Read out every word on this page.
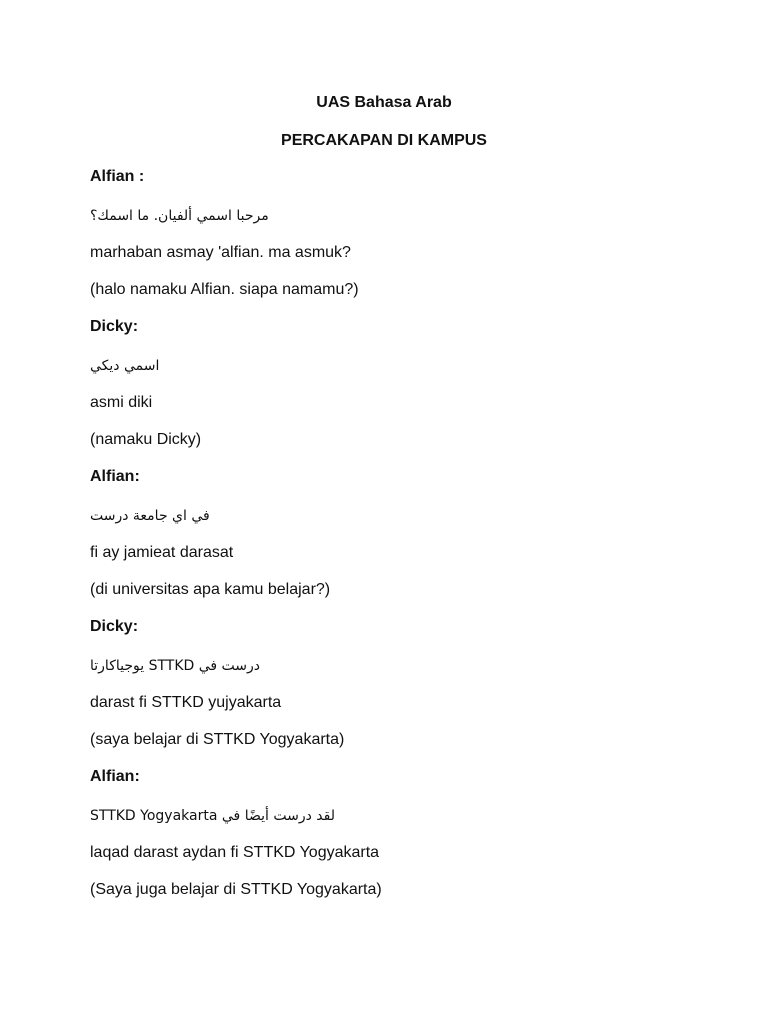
UAS Bahasa Arab
PERCAKAPAN DI KAMPUS
Alfian :
مرحبا اسمي ألفيان. ما اسمك؟
marhaban asmay 'alfian. ma asmuk?
(halo namaku Alfian. siapa namamu?)
Dicky:
اسمي ديكي
asmi diki
(namaku Dicky)
Alfian:
في اي جامعة درست
fi ay jamieat darasat
(di universitas apa kamu belajar?)
Dicky:
درست في STTKD يوجياكارتا
darast fi STTKD yujyakarta
(saya belajar di STTKD Yogyakarta)
Alfian:
لقد درست أيضًا في STTKD Yogyakarta
laqad darast aydan fi STTKD Yogyakarta
(Saya juga belajar di STTKD Yogyakarta)
